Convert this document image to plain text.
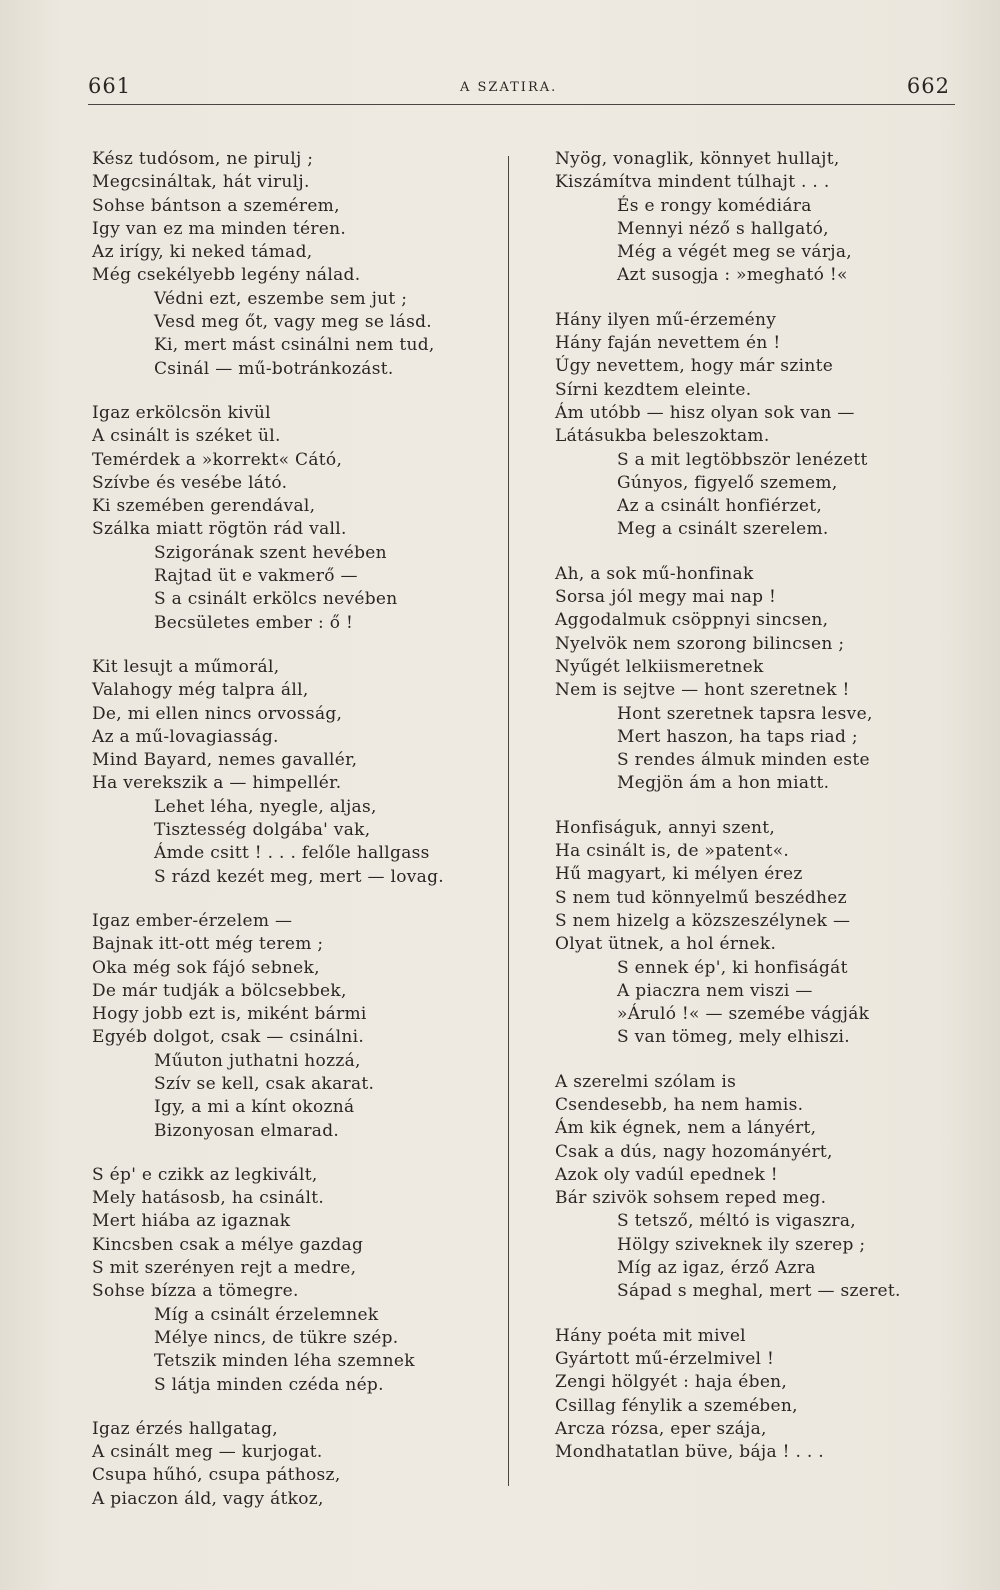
661	A SZATIRA.	662
Kész tudósom, ne pirulj ;
Megcsináltak, hát virulj.
Sohse bántson a szemérem,
Igy van ez ma minden téren.
Az irígy, ki neked támad,
Még csekélyebb legény nálad.
Védni ezt, eszembe sem jut ;
Vesd meg őt, vagy meg se lásd.
Ki, mert mást csinálni nem tud,
Csinál — mű-botránkozást.
Igaz erkölcsön kivül
A csinált is széket ül.
Temérdek a »korrekt« Cátó,
Szívbe és vesébe látó.
Ki szemében gerendával,
Szálka miatt rögtön rád vall.
Szigorának szent hevében
Rajtad üt e vakmerő —
S a csinált erkölcs nevében
Becsületes ember : ő !
Kit lesujt a műmorál,
Valahogy még talpra áll,
De, mi ellen nincs orvosság,
Az a mű-lovagiasság.
Mind Bayard, nemes gavallér,
Ha verekszik a — himpellér.
Lehet léha, nyegle, aljas,
Tisztesség dolgába' vak,
Ámde csitt ! . . . felőle hallgass
S rázd kezét meg, mert — lovag.
Igaz ember-érzelem —
Bajnak itt-ott még terem ;
Oka még sok fájó sebnek,
De már tudják a bölcsebbek,
Hogy jobb ezt is, miként bármi
Egyéb dolgot, csak — csinálni.
Műuton juthatni hozzá,
Szív se kell, csak akarat.
Igy, a mi a kínt okozná
Bizonyosan elmarad.
S ép' e czikk az legkivált,
Mely hatásosb, ha csinált.
Mert hiába az igaznak
Kincsben csak a mélye gazdag
S mit szerényen rejt a medre,
Sohse bízza a tömegre.
Míg a csinált érzelemnek
Mélye nincs, de tükre szép.
Tetszik minden léha szemnek
S látja minden czéda nép.
Igaz érzés hallgatag,
A csinált meg — kurjogat.
Csupa hűhó, csupa páthosz,
A piaczon áld, vagy átkoz,
Nyög, vonaglik, könnyet hullajt,
Kiszámítva mindent túlhajt . . .
És e rongy komédiára
Mennyi néző s hallgató,
Még a végét meg se várja,
Azt susogja : »megható !«
Hány ilyen mű-érzemény
Hány faján nevettem én !
Úgy nevettem, hogy már szinte
Sírni kezdtem eleinte.
Ám utóbb — hisz olyan sok van —
Látásukba beleszoktam.
S a mit legtöbbször lenézett
Gúnyos, figyelő szemem,
Az a csinált honfiérzet,
Meg a csinált szerelem.
Ah, a sok mű-honfinak
Sorsa jól megy mai nap !
Aggodalmuk csöppnyi sincsen,
Nyelvök nem szorong bilincsen ;
Nyűgét lelkiismeretnek
Nem is sejtve — hont szeretnek !
Hont szeretnek tapsra lesve,
Mert haszon, ha taps riad ;
S rendes álmuk minden este
Megjön ám a hon miatt.
Honfiságuk, annyi szent,
Ha csinált is, de »patent«.
Hű magyart, ki mélyen érez
S nem tud könnyelmű beszédhez
S nem hizelg a közszeszélynek —
Olyat ütnek, a hol érnek.
S ennek ép', ki honfiságát
A piaczra nem viszi —
»Áruló !« — szemébe vágják
S van tömeg, mely elhiszi.
A szerelmi szólam is
Csendesebb, ha nem hamis.
Ám kik égnek, nem a lányért,
Csak a dús, nagy hozományért,
Azok oly vadúl epednek !
Bár szivök sohsem reped meg.
S tetsző, méltó is vigaszra,
Hölgy sziveknek ily szerep ;
Míg az igaz, érző Azra
Sápad s meghal, mert — szeret.
Hány poéta mit mivel
Gyártott mű-érzelmivel !
Zengi hölgyét : haja ében,
Csillag fénylik a szemében,
Arcza rózsa, eper szája,
Mondhatatlan büve, bája ! . . .
